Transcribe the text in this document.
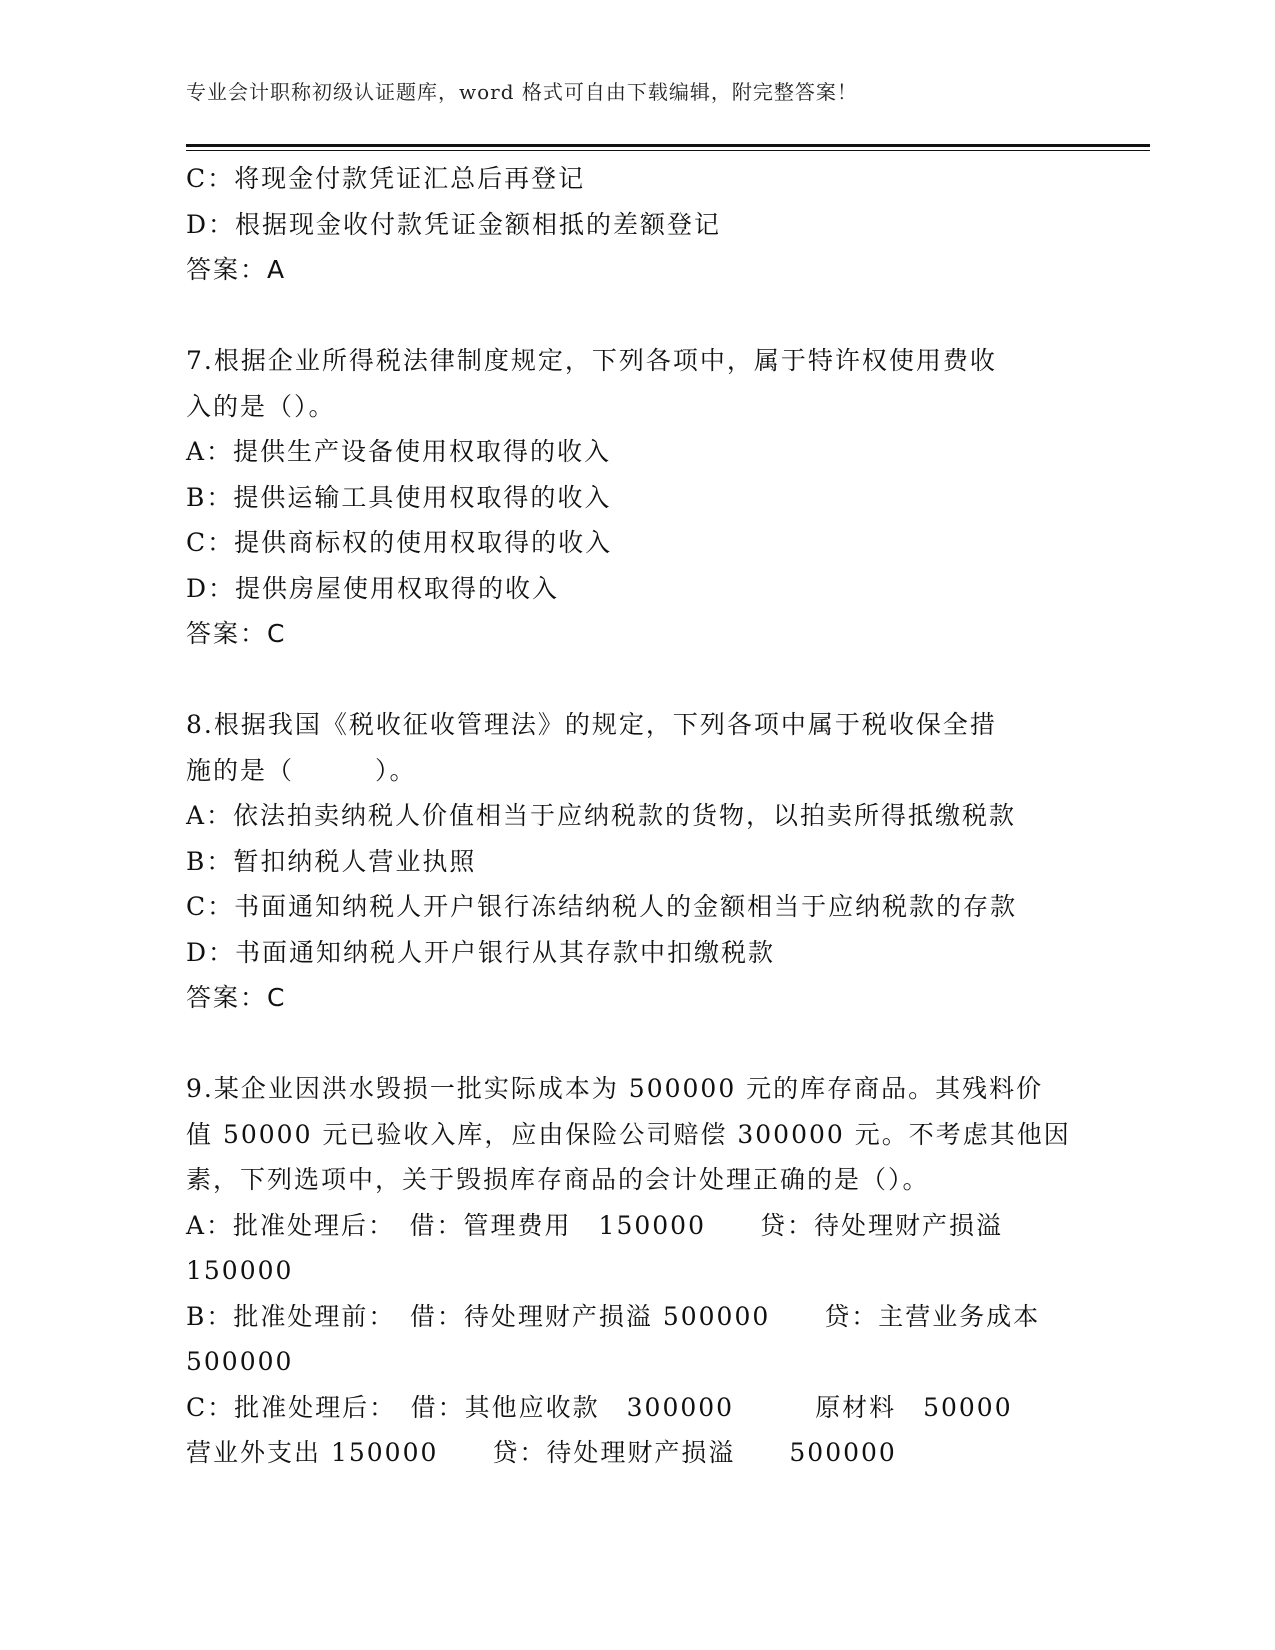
专业会计职称初级认证题库，word 格式可自由下载编辑，附完整答案！
C：将现金付款凭证汇总后再登记
D：根据现金收付款凭证金额相抵的差额登记
答案：A
7.根据企业所得税法律制度规定，下列各项中，属于特许权使用费收
入的是（）。
A：提供生产设备使用权取得的收入
B：提供运输工具使用权取得的收入
C：提供商标权的使用权取得的收入
D：提供房屋使用权取得的收入
答案：C
8.根据我国《税收征收管理法》的规定，下列各项中属于税收保全措
施的是（　　　）。
A：依法拍卖纳税人价值相当于应纳税款的货物，以拍卖所得抵缴税款
B：暂扣纳税人营业执照
C：书面通知纳税人开户银行冻结纳税人的金额相当于应纳税款的存款
D：书面通知纳税人开户银行从其存款中扣缴税款
答案：C
9.某企业因洪水毁损一批实际成本为 500000 元的库存商品。其残料价
值 50000 元已验收入库，应由保险公司赔偿 300000 元。不考虑其他因
素，下列选项中，关于毁损库存商品的会计处理正确的是（）。
A：批准处理后：　借：管理费用　150000　　贷：待处理财产损溢
150000
B：批准处理前：　借：待处理财产损溢 500000　　贷：主营业务成本
500000
C：批准处理后：　借：其他应收款　300000　　　原材料　50000
营业外支出 150000　　贷：待处理财产损溢　　500000
